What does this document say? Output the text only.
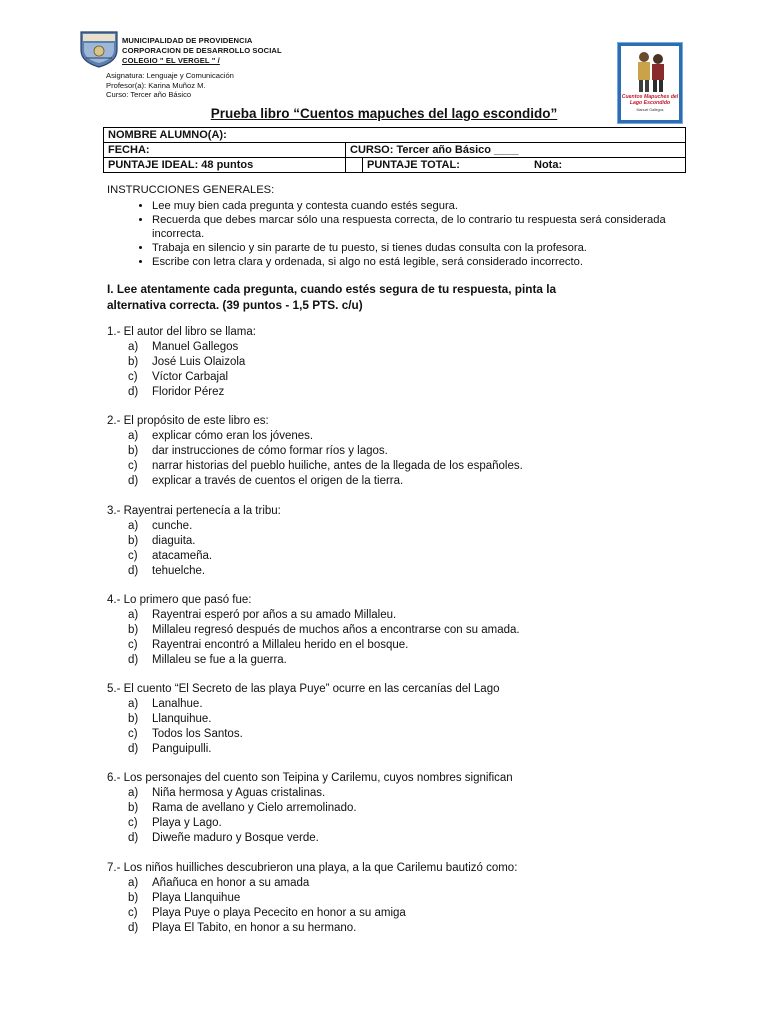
MUNICIPALIDAD DE PROVIDENCIA
CORPORACION DE DESARROLLO SOCIAL
COLEGIO " EL VERGEL " /
Asignatura: Lenguaje y Comunicación
Profesor(a): Karina Muñoz M.
Curso: Tercer año Básico	Cuentos Mapuches del Lago Escondido
Manuel Gallegos
Prueba libro “Cuentos mapuches del lago escondido”
NOMBRE ALUMNO(A):		
FECHA:	CURSO: Tercer año Básico ____	
PUNTAJE IDEAL: 48 puntos		PUNTAJE TOTAL: Nota:
INSTRUCCIONES GENERALES:
• Lee muy bien cada pregunta y contesta cuando estés segura.
• Recuerda que debes marcar sólo una respuesta correcta, de lo contrario tu respuesta será considerada incorrecta.
• Trabaja en silencio y sin pararte de tu puesto, si tienes dudas consulta con la profesora.
• Escribe con letra clara y ordenada, si algo no está legible, será considerado incorrecto.
I. Lee atentamente cada pregunta, cuando estés segura de tu respuesta, pinta la
alternativa correcta. (39 puntos - 1,5 PTS. c/u)
1.- El autor del libro se llama:
a)	Manuel Gallegos
b)	José Luis Olaizola
c)	Víctor Carbajal
d)	Floridor Pérez
2.- El propósito de este libro es:
a)	explicar cómo eran los jóvenes.
b)	dar instrucciones de cómo formar ríos y lagos.
c)	narrar historias del pueblo huiliche, antes de la llegada de los españoles.
d)	explicar a través de cuentos el origen de la tierra.
3.- Rayentrai pertenecía a la tribu:
a)	cunche.
b)	diaguita.
c)	atacameña.
d)	tehuelche.
4.- Lo primero que pasó fue:
a)	Rayentrai esperó por años a su amado Millaleu.
b)	Millaleu regresó después de muchos años a encontrarse con su amada.
c)	Rayentrai encontró a Millaleu herido en el bosque.
d)	Millaleu se fue a la guerra.
5.- El cuento “El Secreto de las playa Puye” ocurre en las cercanías del Lago
a)	Lanalhue.
b)	Llanquihue.
c)	Todos los Santos.
d)	Panguipulli.
6.- Los personajes del cuento son Teipina y Carilemu, cuyos nombres significan
a)	Niña hermosa y Aguas cristalinas.
b)	Rama de avellano y Cielo arremolinado.
c)	Playa y Lago.
d)	Diweñe maduro y Bosque verde.
7.- Los niños huilliches descubrieron una playa, a la que Carilemu bautizó como:
a)	Añañuca en honor a su amada
b)	Playa Llanquihue
c)	Playa Puye o playa Pececito en honor a su amiga
d)	Playa El Tabito, en honor a su hermano.
